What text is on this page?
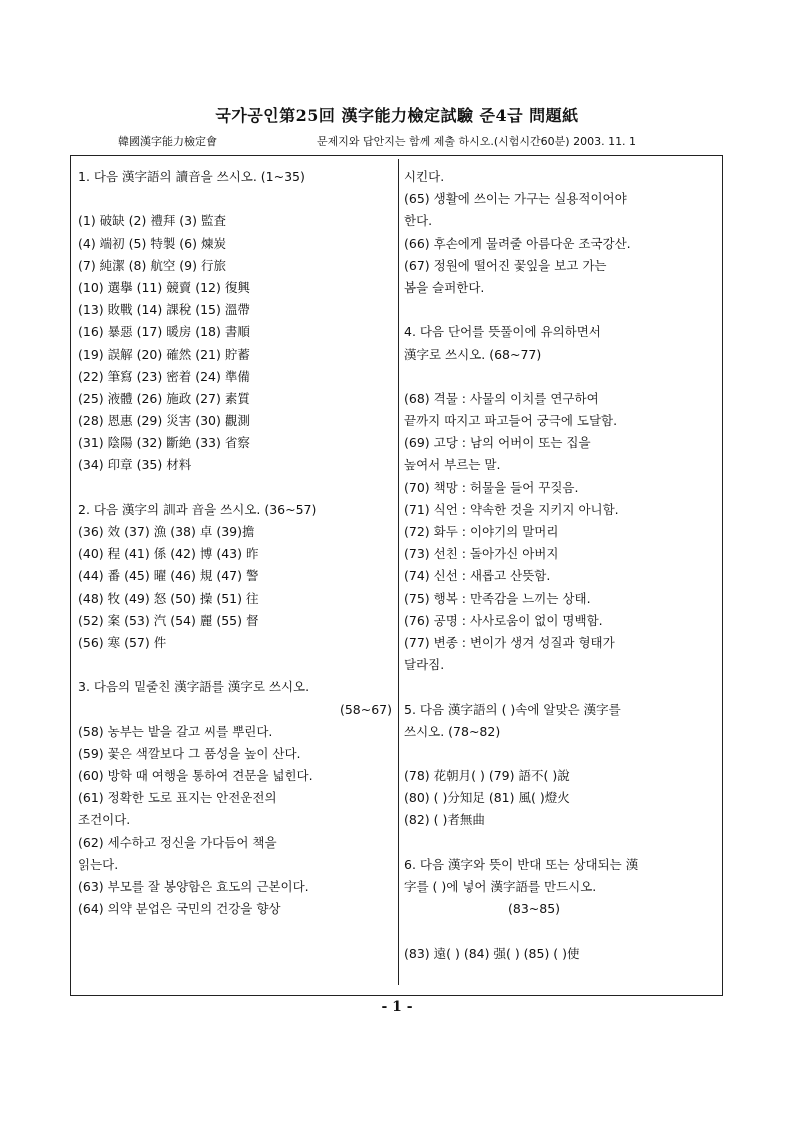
국가공인第25回 漢字能力檢定試驗 준4급 問題紙
韓國漢字能力檢定會	문제지와 답안지는 함께 제출 하시오.(시험시간60분) 2003. 11. 1
1. 다음 漢字語의 讀音을 쓰시오. (1~35)
(1) 破缺 (2) 禮拜 (3) 監査
(4) 端初 (5) 特製 (6) 煉炭
(7) 純潔 (8) 航空 (9) 行旅
(10) 選擧 (11) 競賣 (12) 復興
(13) 敗戰 (14) 課稅 (15) 溫帶
(16) 暴惡 (17) 暖房 (18) 書順
(19) 誤解 (20) 確然 (21) 貯蓄
(22) 筆寫 (23) 密着 (24) 準備
(25) 液體 (26) 施政 (27) 素質
(28) 恩惠 (29) 災害 (30) 觀測
(31) 陰陽 (32) 斷絶 (33) 省察
(34) 印章 (35) 材料
2. 다음 漢字의 訓과 音을 쓰시오. (36~57)
(36) 效 (37) 漁 (38) 卓 (39)擔
(40) 程 (41) 係 (42) 博 (43) 昨
(44) 番 (45) 曜 (46) 規 (47) 警
(48) 牧 (49) 怒 (50) 操 (51) 往
(52) 案 (53) 汽 (54) 麗 (55) 督
(56) 寒 (57) 件
3. 다음의 밑줄친 漢字語를 漢字로 쓰시오.
(58~67)
(58) 농부는 밭을 갈고 씨를 뿌린다.
(59) 꽃은 색깔보다 그 품성을 높이 산다.
(60) 방학 때 여행을 통하여 견문을 넓힌다.
(61) 정확한 도로 표지는 안전운전의
조건이다.
(62) 세수하고 정신을 가다듬어 책을
읽는다.
(63) 부모를 잘 봉양함은 효도의 근본이다.
(64) 의약 분업은 국민의 건강을 향상
시킨다.
(65) 생활에 쓰이는 가구는 실용적이어야
한다.
(66) 후손에게 물려줄 아름다운 조국강산.
(67) 정원에 떨어진 꽃잎을 보고 가는
봄을 슬퍼한다.
4. 다음 단어를 뜻풀이에 유의하면서
漢字로 쓰시오. (68~77)
(68) 격물 : 사물의 이치를 연구하여
끝까지 따지고 파고들어 궁극에 도달함.
(69) 고당 : 남의 어버이 또는 집을
높여서 부르는 말.
(70) 책망 : 허물을 들어 꾸짖음.
(71) 식언 : 약속한 것을 지키지 아니함.
(72) 화두 : 이야기의 말머리
(73) 선친 : 돌아가신 아버지
(74) 신선 : 새롭고 산뜻함.
(75) 행복 : 만족감을 느끼는 상태.
(76) 공명 : 사사로움이 없이 명백함.
(77) 변종 : 변이가 생겨 성질과 형태가
달라짐.
5. 다음 漢字語의 ( )속에 알맞은 漢字를
쓰시오. (78~82)
(78) 花朝月( ) (79) 語不( )說
(80) ( )分知足 (81) 風( )燈火
(82) ( )者無曲
6. 다음 漢字와 뜻이 반대 또는 상대되는 漢
字를 ( )에 넣어 漢字語를 만드시오.
(83~85)
(83) 遠( ) (84) 强( ) (85) ( )使
- 1 -
